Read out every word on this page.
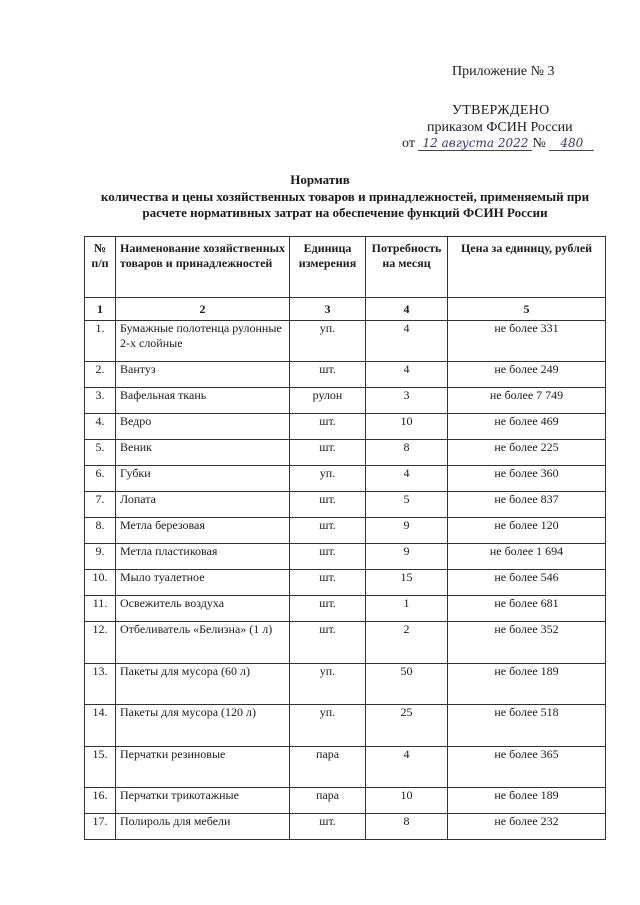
Приложение № 3
УТВЕРЖДЕНО
приказом ФСИН России
от 12 августа 2022 № 480
Норматив
количества и цены хозяйственных товаров и принадлежностей, применяемый при расчете нормативных затрат на обеспечение функций ФСИН России
№ п/п	Наименование хозяйственных товаров и принадлежностей	Единица измерения	Потребность на месяц	Цена за единицу, рублей
1	2	3	4	5
1.	Бумажные полотенца рулонные 2-х слойные	уп.	4	не более 331
2.	Вантуз	шт.	4	не более 249
3.	Вафельная ткань	рулон	3	не более 7 749
4.	Ведро	шт.	10	не более 469
5.	Веник	шт.	8	не более 225
6.	Губки	уп.	4	не более 360
7.	Лопата	шт.	5	не более 837
8.	Метла березовая	шт.	9	не более 120
9.	Метла пластиковая	шт.	9	не более 1 694
10.	Мыло туалетное	шт.	15	не более 546
11.	Освежитель воздуха	шт.	1	не более 681
12.	Отбеливатель «Белизна» (1 л)	шт.	2	не более 352
13.	Пакеты для мусора (60 л)	уп.	50	не более 189
14.	Пакеты для мусора (120 л)	уп.	25	не более 518
15.	Перчатки резиновые	пара	4	не более 365
16.	Перчатки трикотажные	пара	10	не более 189
17.	Полироль для мебели	шт.	8	не более 232
